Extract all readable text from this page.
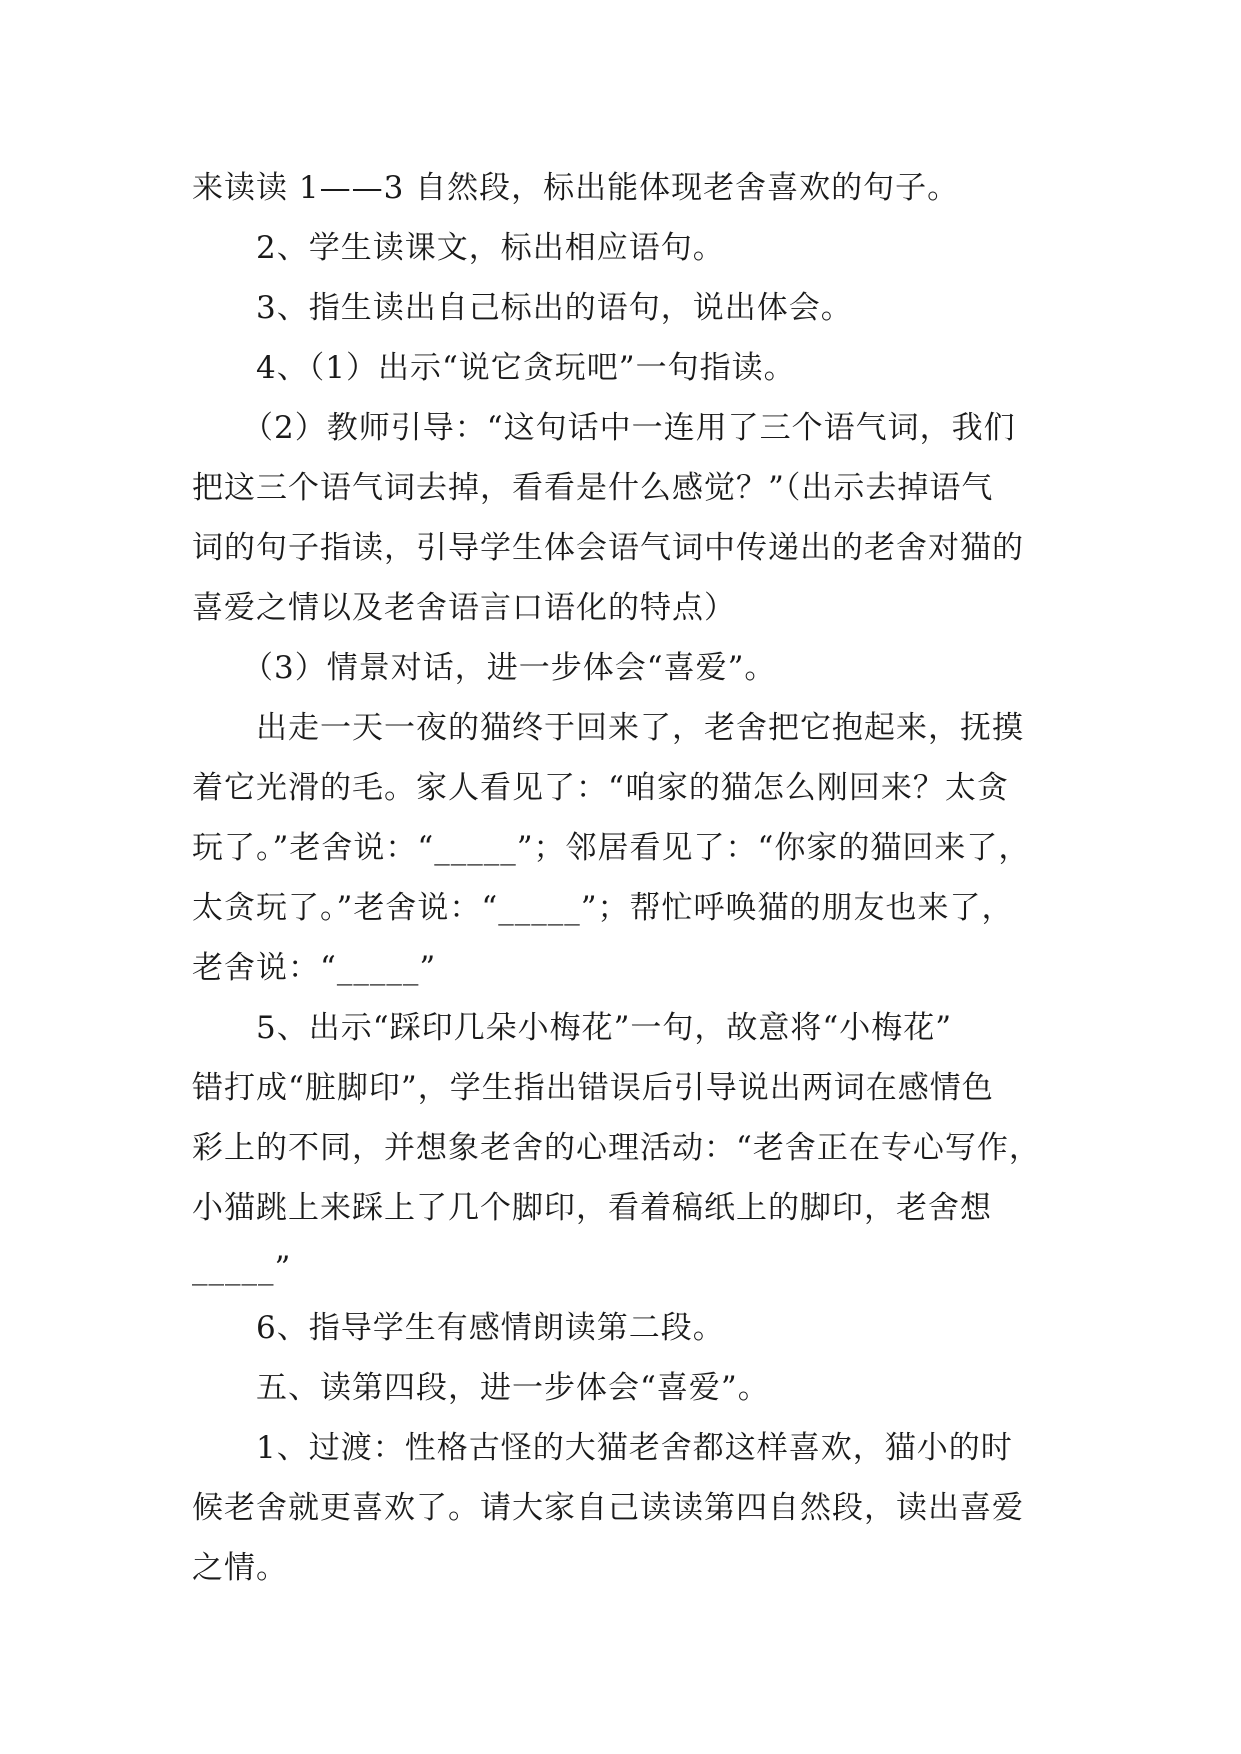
来读读 1——3 自然段，标出能体现老舍喜欢的句子。
2、学生读课文，标出相应语句。
3、指生读出自己标出的语句，说出体会。
4、（1）出示“说它贪玩吧”一句指读。
（2）教师引导：“这句话中一连用了三个语气词，我们
把这三个语气词去掉，看看是什么感觉？”（出示去掉语气
词的句子指读，引导学生体会语气词中传递出的老舍对猫的
喜爱之情以及老舍语言口语化的特点）
（3）情景对话，进一步体会“喜爱”。
出走一天一夜的猫终于回来了，老舍把它抱起来，抚摸
着它光滑的毛。家人看见了：“咱家的猫怎么刚回来？太贪
玩了。”老舍说：“_____”；邻居看见了：“你家的猫回来了，
太贪玩了。”老舍说：“_____”；帮忙呼唤猫的朋友也来了，
老舍说：“_____”
5、出示“踩印几朵小梅花”一句，故意将“小梅花”
错打成“脏脚印”，学生指出错误后引导说出两词在感情色
彩上的不同，并想象老舍的心理活动：“老舍正在专心写作，
小猫跳上来踩上了几个脚印，看着稿纸上的脚印，老舍想
_____”
6、指导学生有感情朗读第二段。
五、读第四段，进一步体会“喜爱”。
1、过渡：性格古怪的大猫老舍都这样喜欢，猫小的时
候老舍就更喜欢了。请大家自己读读第四自然段，读出喜爱
之情。
